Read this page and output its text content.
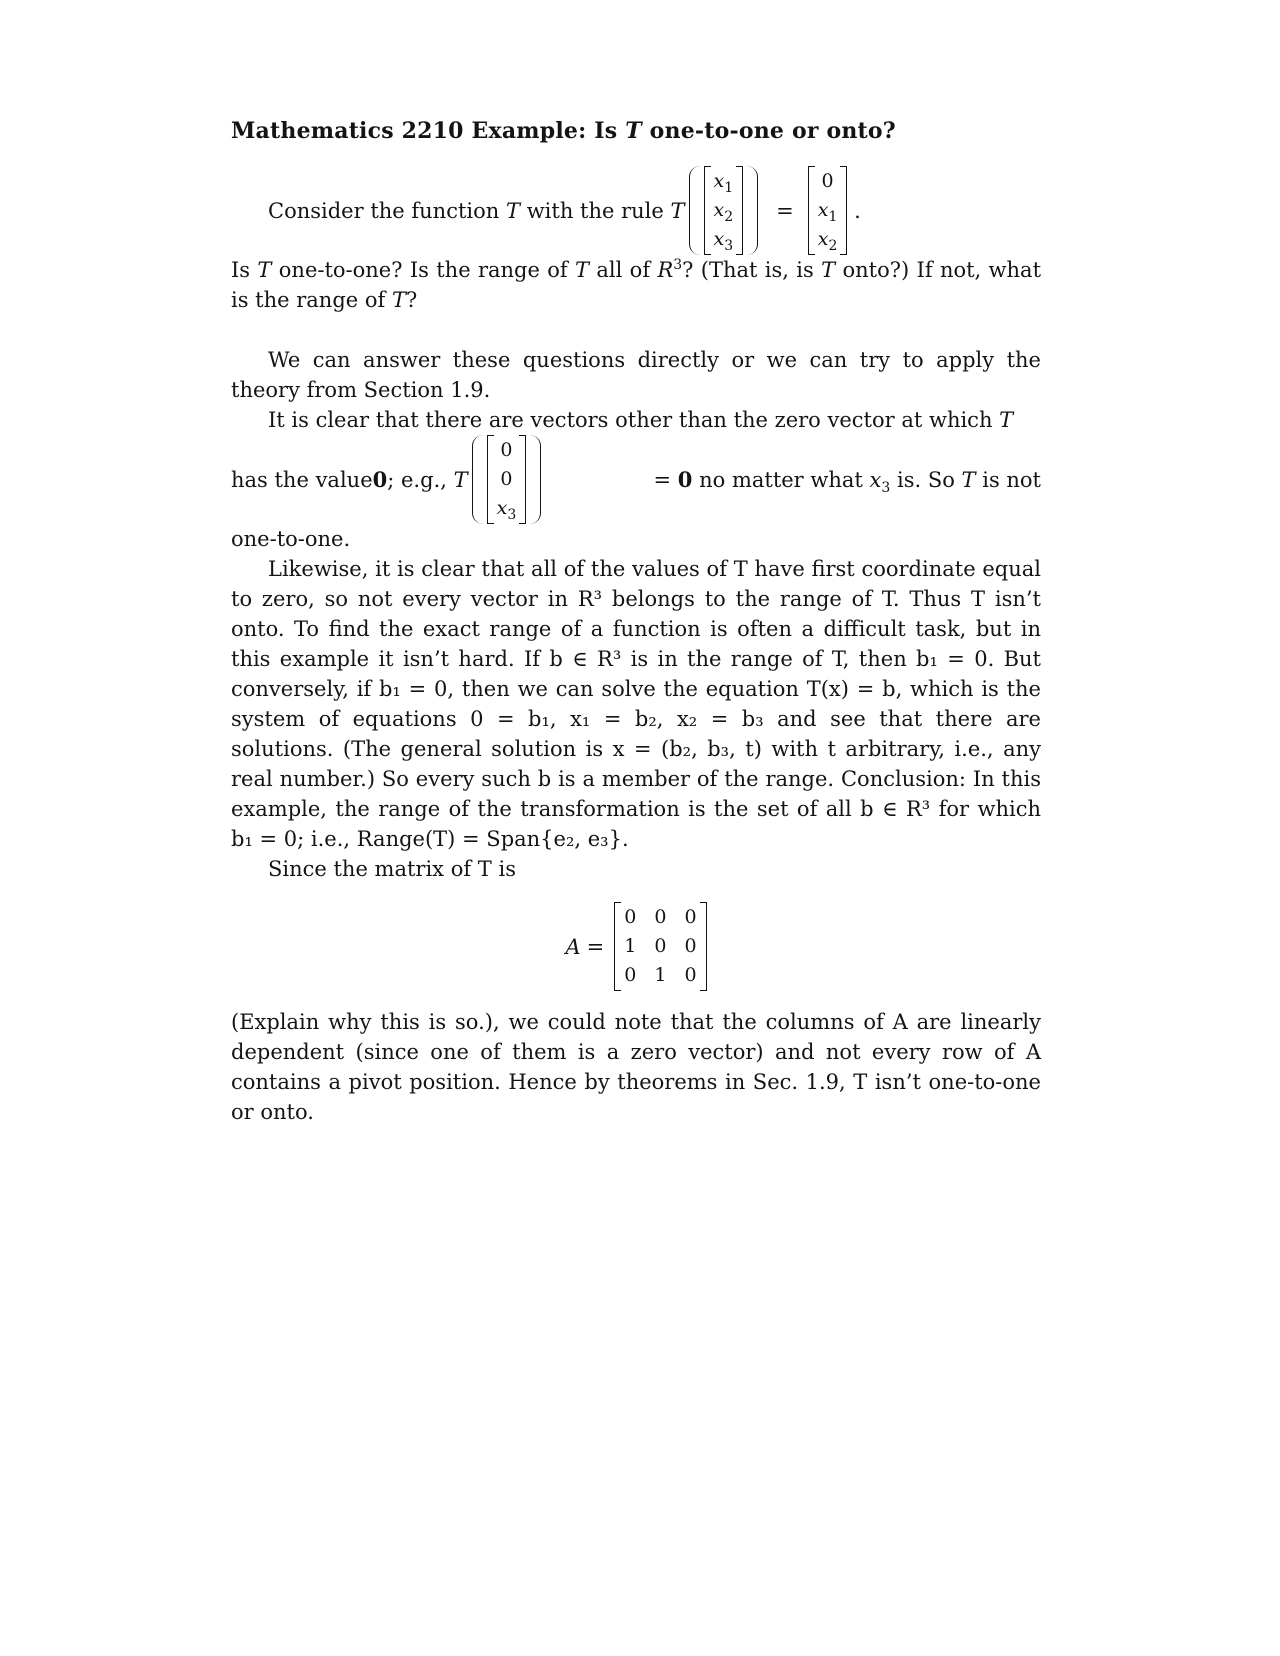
Mathematics 2210 Example: Is T one-to-one or onto?
Consider the function
T
with the rule
T
$x_1$
$x_2$
$x_3$
=
0
$x_1$
$x_2$
.

Is T one-to-one? Is the range of T all of $R^3$? (That is, is T onto?) If not, what is the range of T?

We can answer these questions directly or we can try to apply the theory from Section 1.9.

It is clear that there are vectors other than the zero vector at which T

has the value 0 ; e.g.,
T
0
0
$x_3$
= 0 no matter what $x_3$ is. So T is not

one-to-one.

Likewise, it is clear that all of the values of T have first coordinate equal to zero, so not every vector in R³ belongs to the range of T. Thus T isn’t onto. To find the exact range of a function is often a difficult task, but in this example it isn’t hard. If b ∈ R³ is in the range of T, then b₁ = 0. But conversely, if b₁ = 0, then we can solve the equation T(x) = b, which is the system of equations 0 = b₁, x₁ = b₂, x₂ = b₃ and see that there are solutions. (The general solution is x = (b₂, b₃, t) with t arbitrary, i.e., any real number.) So every such b is a member of the range. Conclusion: In this example, the range of the transformation is the set of all b ∈ R³ for which b₁ = 0; i.e., Range(T) = Span{e₂, e₃}.

Since the matrix of T is

A =
0 0 0
1 0 0
0 1 0

(Explain why this is so.), we could note that the columns of A are linearly dependent (since one of them is a zero vector) and not every row of A contains a pivot position. Hence by theorems in Sec. 1.9, T isn’t one-to-one or onto.
